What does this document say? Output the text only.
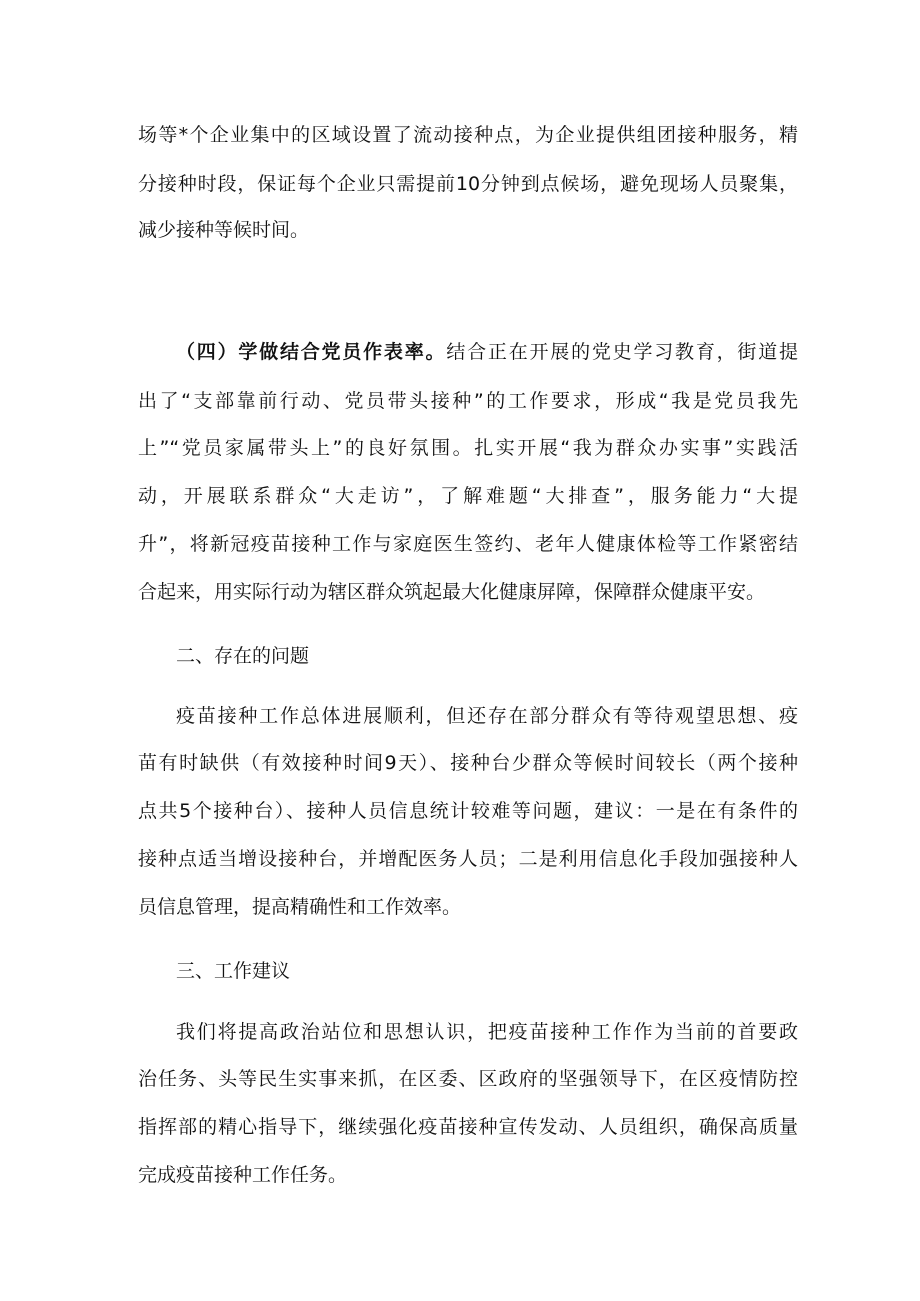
场等*个企业集中的区域设置了流动接种点，为企业提供组团接种服务，精
分接种时段，保证每个企业只需提前10分钟到点候场，避免现场人员聚集，
减少接种等候时间。
（四）学做结合党员作表率。结合正在开展的党史学习教育，街道提
出了“支部靠前行动、党员带头接种”的工作要求，形成“我是党员我先
上”“党员家属带头上”的良好氛围。扎实开展“我为群众办实事”实践活
动，开展联系群众“大走访”，了解难题“大排查”，服务能力“大提
升”，将新冠疫苗接种工作与家庭医生签约、老年人健康体检等工作紧密结
合起来，用实际行动为辖区群众筑起最大化健康屏障，保障群众健康平安。
二、存在的问题
疫苗接种工作总体进展顺利，但还存在部分群众有等待观望思想、疫
苗有时缺供（有效接种时间9天）、接种台少群众等候时间较长（两个接种
点共5个接种台）、接种人员信息统计较难等问题，建议：一是在有条件的
接种点适当增设接种台，并增配医务人员；二是利用信息化手段加强接种人
员信息管理，提高精确性和工作效率。
三、工作建议
我们将提高政治站位和思想认识，把疫苗接种工作作为当前的首要政
治任务、头等民生实事来抓，在区委、区政府的坚强领导下，在区疫情防控
指挥部的精心指导下，继续强化疫苗接种宣传发动、人员组织，确保高质量
完成疫苗接种工作任务。
